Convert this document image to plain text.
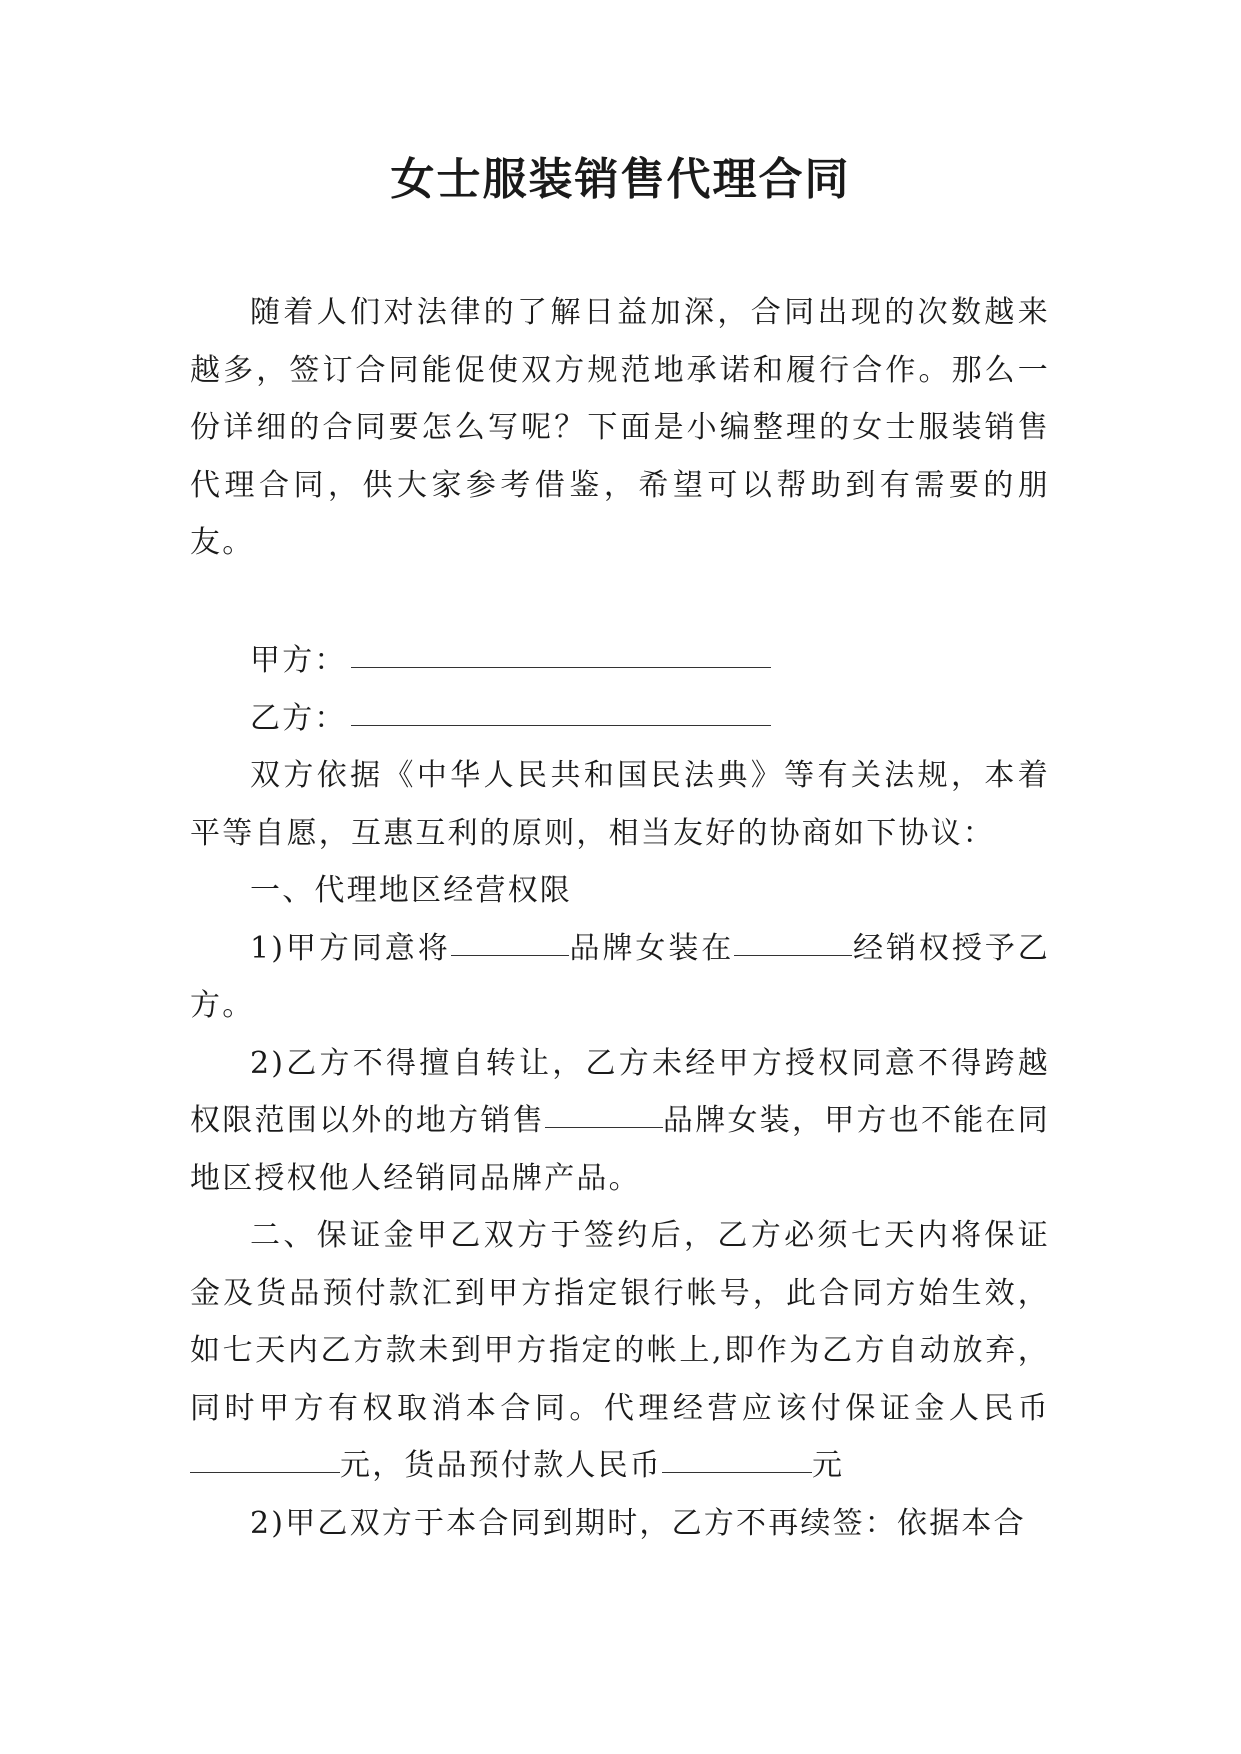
女士服装销售代理合同

随着人们对法律的了解日益加深，合同出现的次数越来越多，签订合同能促使双方规范地承诺和履行合作。那么一份详细的合同要怎么写呢？下面是小编整理的女士服装销售代理合同，供大家参考借鉴，希望可以帮助到有需要的朋友。

甲方：

乙方：

双方依据《中华人民共和国民法典》等有关法规，本着平等自愿，互惠互利的原则，相当友好的协商如下协议：

一、代理地区经营权限

1)甲方同意将	品牌女装在	经销权授予乙方。

2)乙方不得擅自转让，乙方未经甲方授权同意不得跨越权限范围以外的地方销售	品牌女装，甲方也不能在同地区授权他人经销同品牌产品。

二、保证金甲乙双方于签约后，乙方必须七天内将保证金及货品预付款汇到甲方指定银行帐号，此合同方始生效，如七天内乙方款未到甲方指定的帐上,即作为乙方自动放弃，同时甲方有权取消本合同。代理经营应该付保证金人民币元，货品预付款人民币	元

2)甲乙双方于本合同到期时，乙方不再续签：依据本合
